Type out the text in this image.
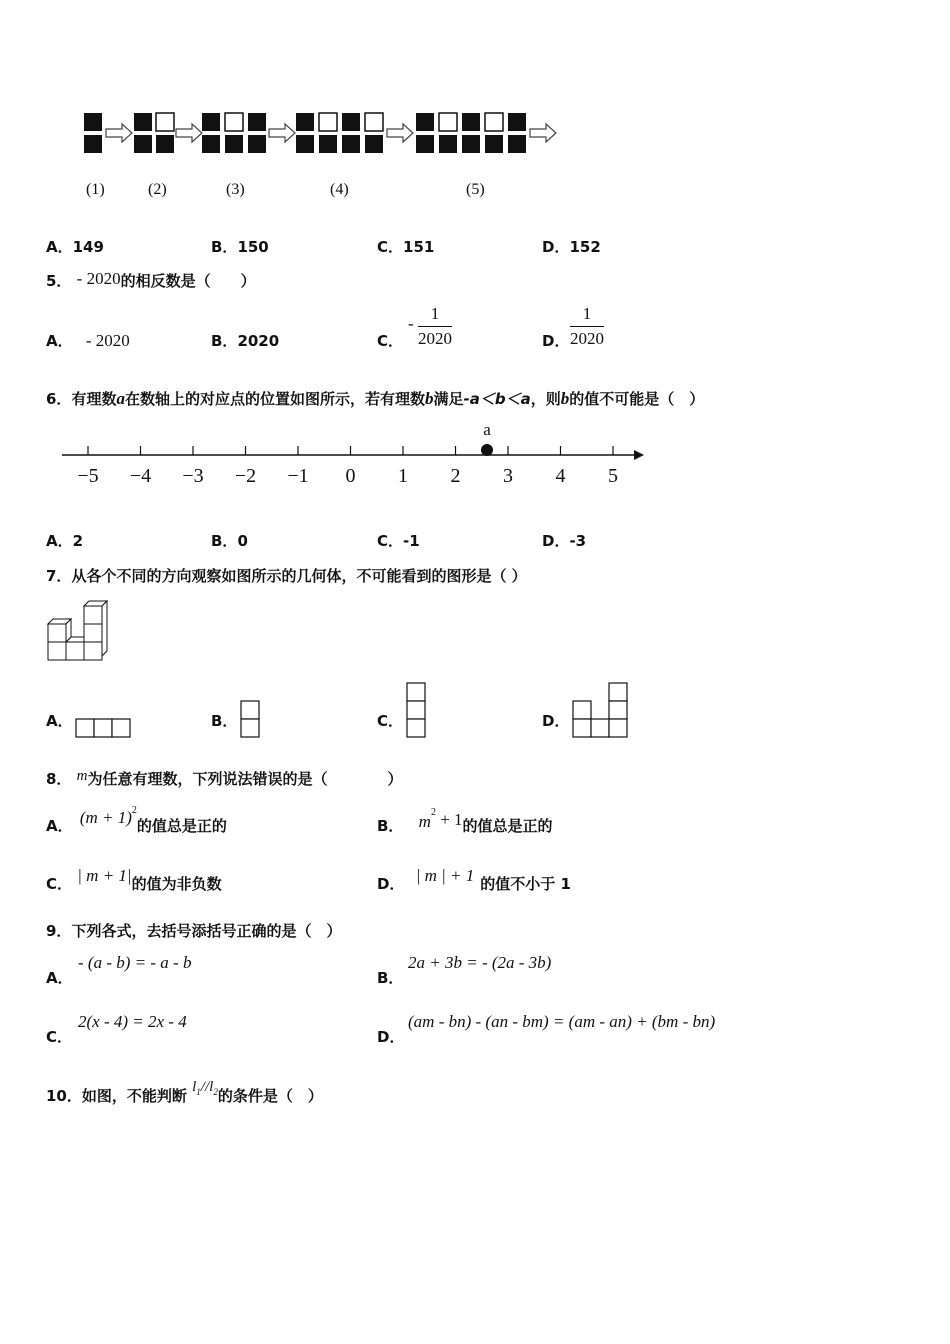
(1)	(2)	(3)	(4)	(5)
A．149	B．150	C．151	D．152
5． - 2020的相反数是（　　）
A． - 2020	B．2020	C．
- $\frac{1}{2020}$	D． $\frac{1}{2020}$
6．有理数a在数轴上的对应点的位置如图所示，若有理数b满足-a＜b＜a，则b的值不可能是（　）
−5 −4 −3 −2 −1 0 1 2 3 4 5
a
A．2	B．0	C．-1	D．-3
7．从各个不同的方向观察如图所示的几何体，不可能看到的图形是（ ）
A．	B．	C．	D．
8． m为任意有理数，下列说法错误的是（　　　　）
A． $(m + 1)^2$的值总是正的	B． $m^2 + 1$的值总是正的
C． | m + 1|的值为非负数	D． | m | + 1 的值不小于 1
9．下列各式，去括号添括号正确的是（　）
A．
- (a - b) = - a - b
B．
2a + 3b = - (2a - 3b)
C．
2(x - 4) = 2x - 4
D．
(am - bn) - (an - bm) = (am - an) + (bm - bn)
10．如图，不能判断 $l_1//l_2$的条件是（　）
